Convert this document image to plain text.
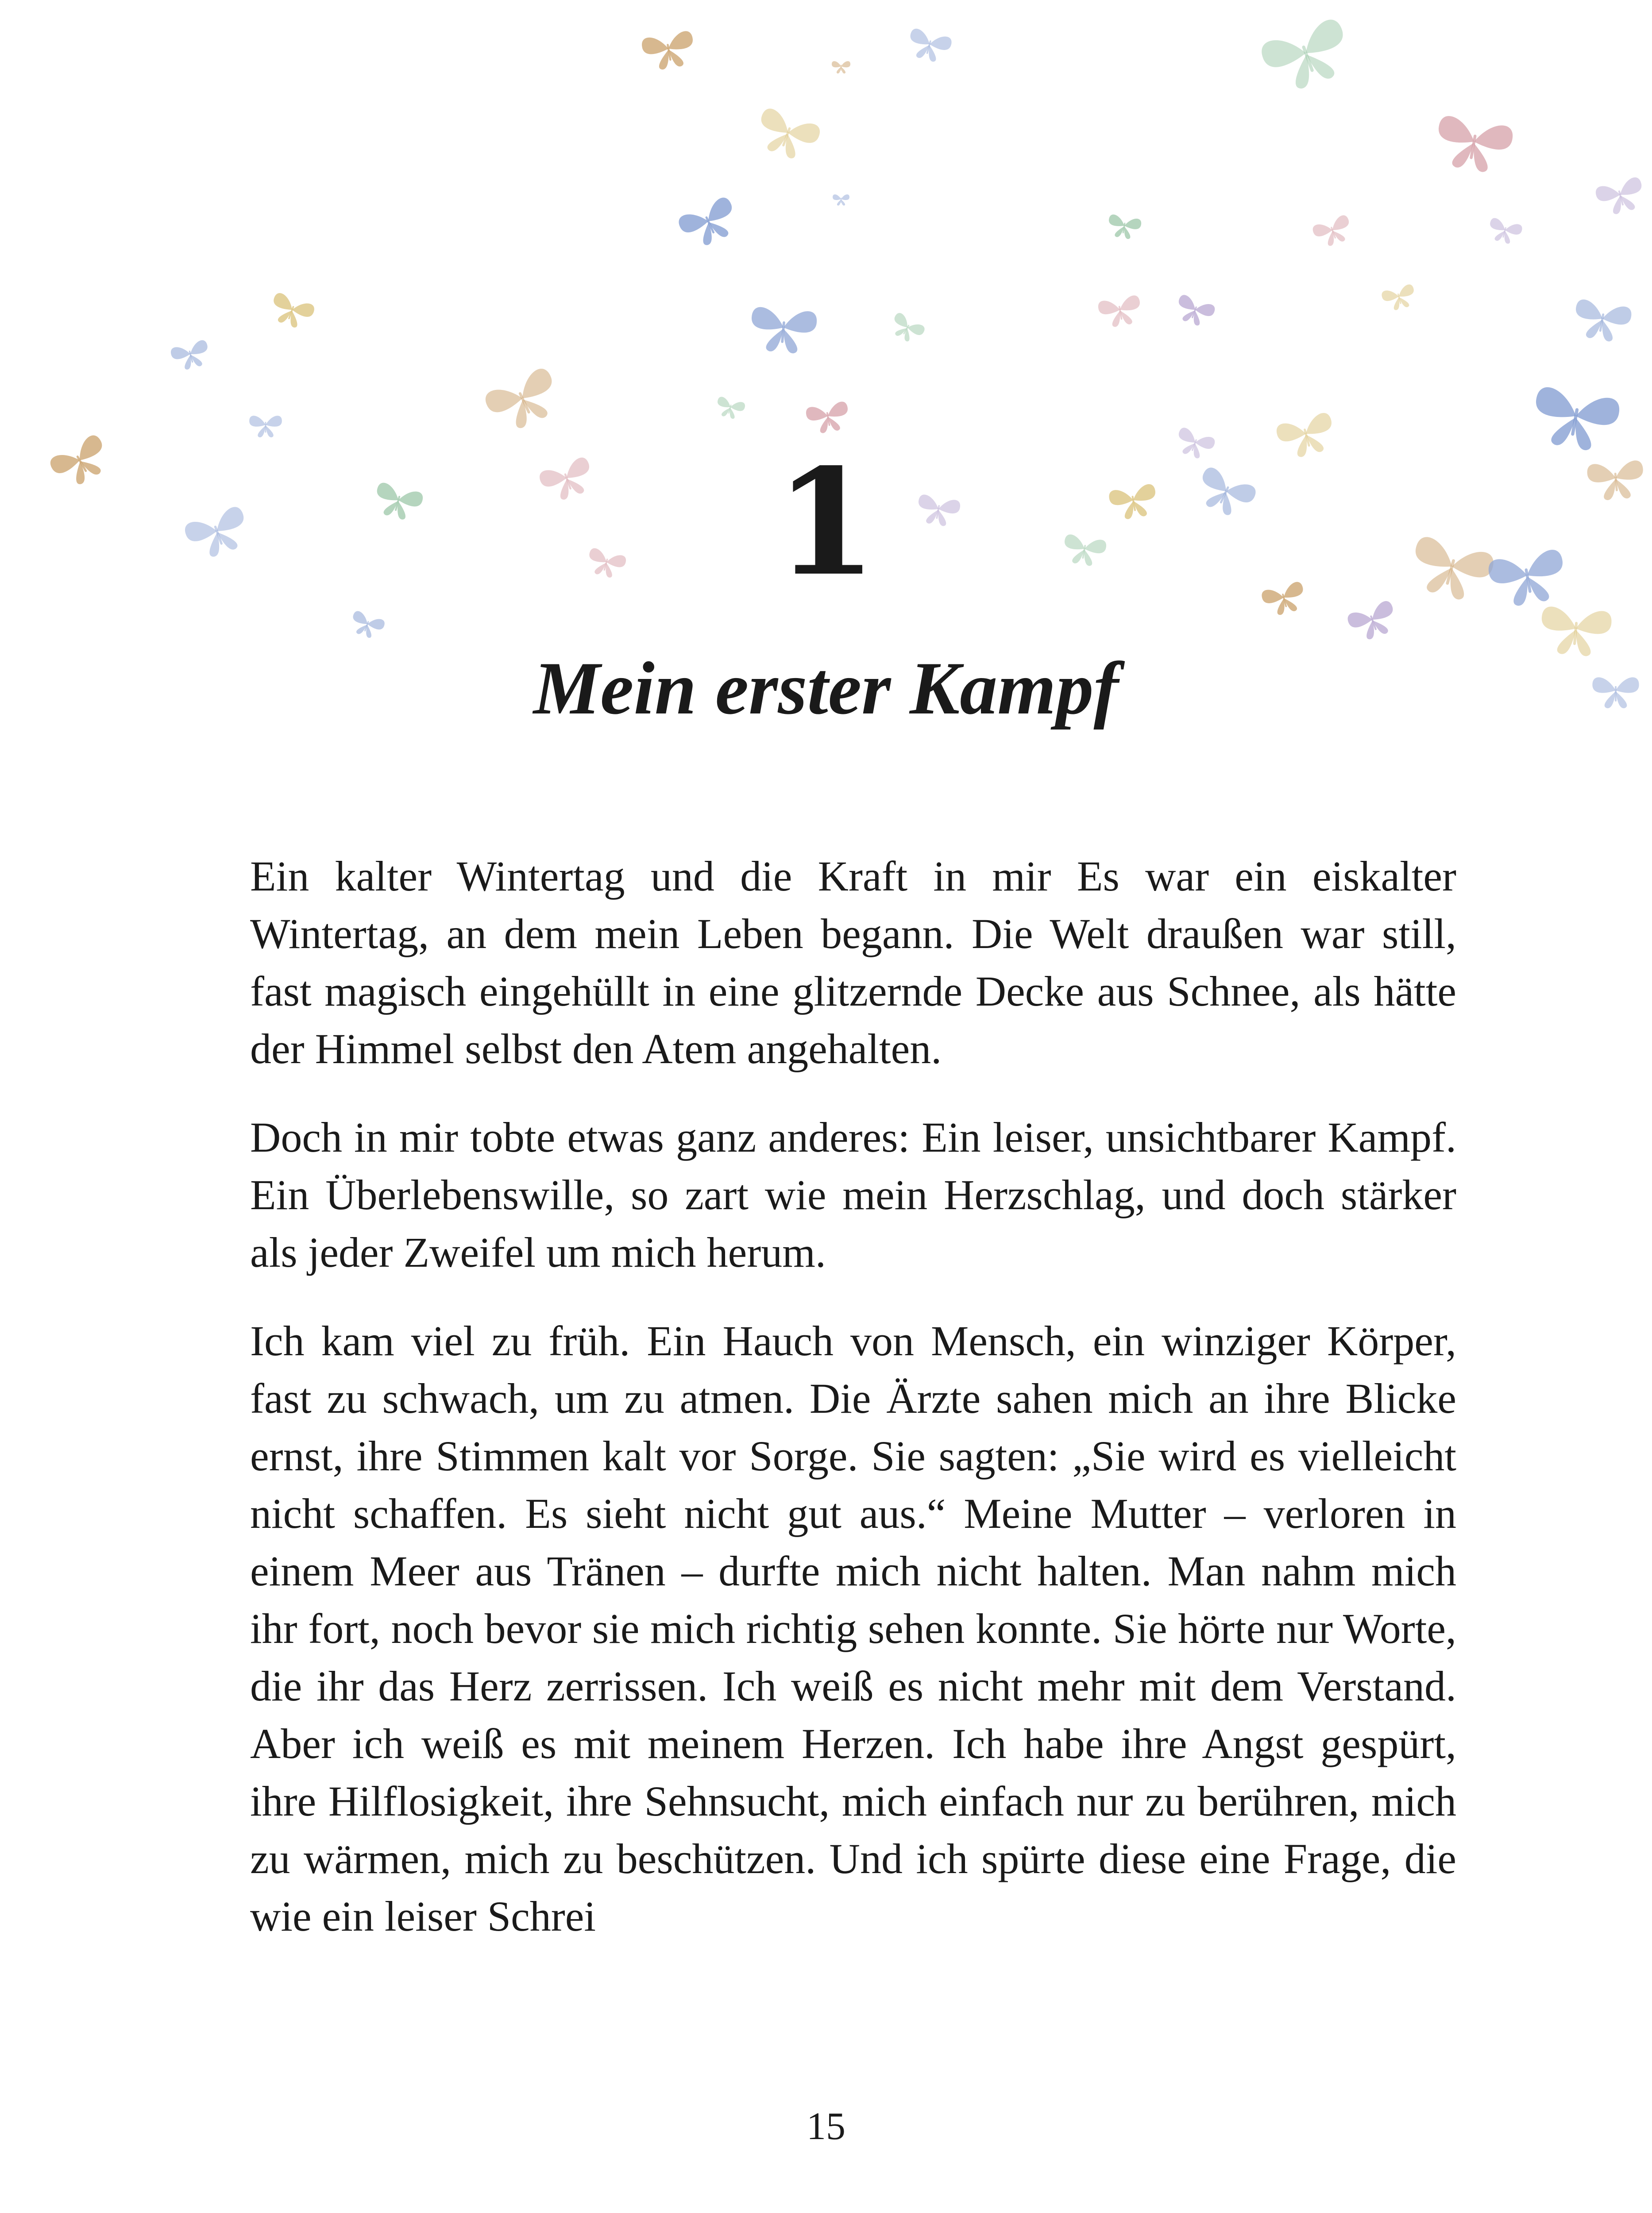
1
Mein erster Kampf

Ein kalter Wintertag und die Kraft in mir Es war ein eiskalter Wintertag, an dem mein Leben begann. Die Welt draußen war still, fast magisch eingehüllt in eine glitzernde Decke aus Schnee, als hätte der Himmel selbst den Atem angehalten.

Doch in mir tobte etwas ganz anderes: Ein leiser, unsichtbarer Kampf. Ein Überlebenswille, so zart wie mein Herzschlag, und doch stärker als jeder Zweifel um mich herum.

Ich kam viel zu früh. Ein Hauch von Mensch, ein winziger Körper, fast zu schwach, um zu atmen. Die Ärzte sahen mich an ihre Blicke ernst, ihre Stimmen kalt vor Sorge. Sie sagten: „Sie wird es vielleicht nicht schaffen. Es sieht nicht gut aus.“ Meine Mutter – verloren in einem Meer aus Tränen – durfte mich nicht halten. Man nahm mich ihr fort, noch bevor sie mich richtig sehen konnte. Sie hörte nur Worte, die ihr das Herz zerrissen. Ich weiß es nicht mehr mit dem Verstand. Aber ich weiß es mit meinem Herzen. Ich habe ihre Angst gespürt, ihre Hilflosigkeit, ihre Sehnsucht, mich einfach nur zu berühren, mich zu wärmen, mich zu beschützen. Und ich spürte diese eine Frage, die wie ein leiser Schrei

15
